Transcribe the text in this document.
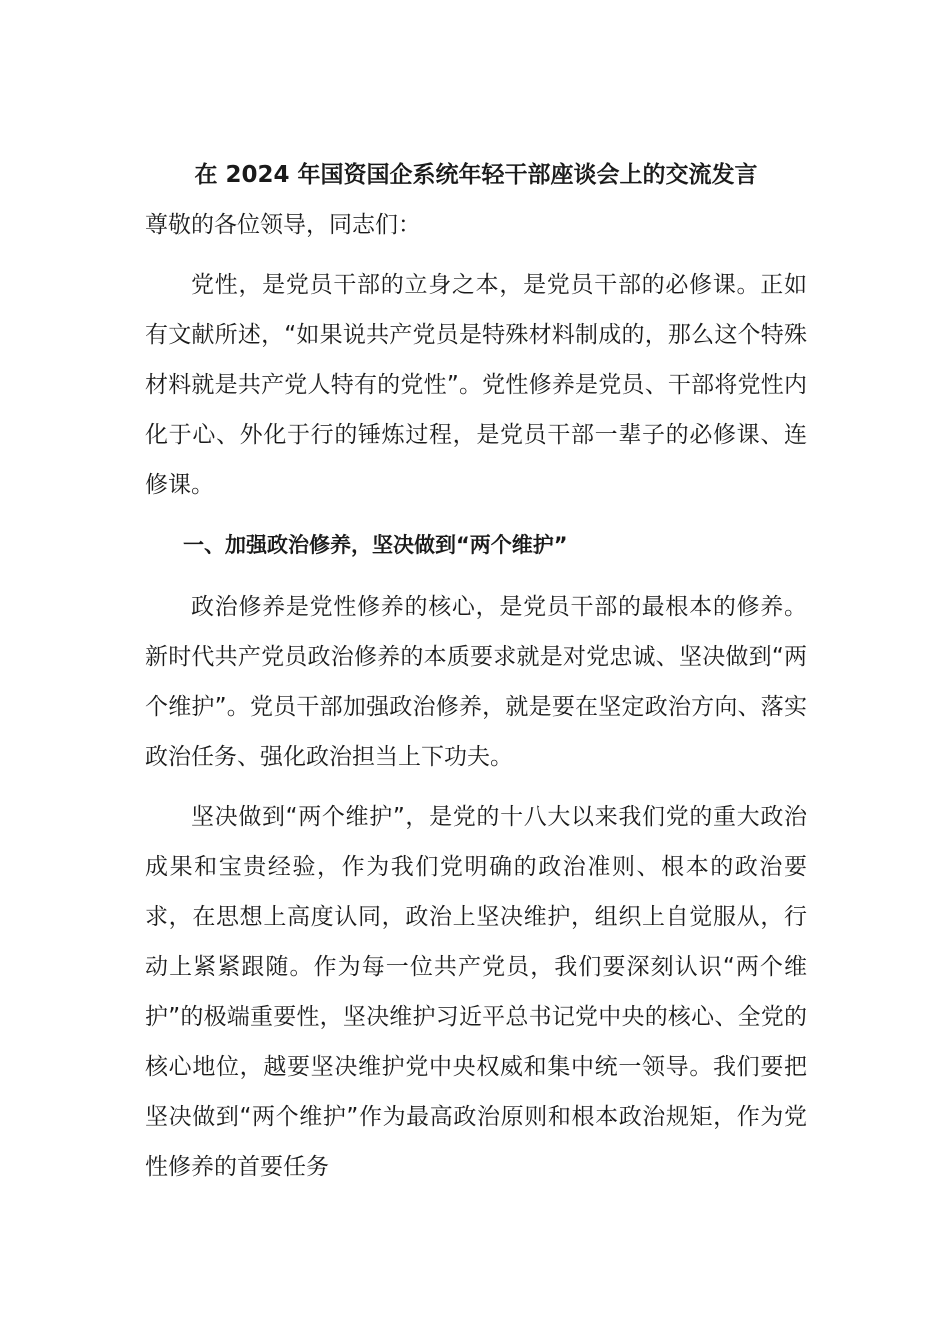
在 2024 年国资国企系统年轻干部座谈会上的交流发言

尊敬的各位领导，同志们：

党性，是党员干部的立身之本，是党员干部的必修课。正如有文献所述，“如果说共产党员是特殊材料制成的，那么这个特殊材料就是共产党人特有的党性”。党性修养是党员、干部将党性内化于心、外化于行的锤炼过程，是党员干部一辈子的必修课、连修课。

一、加强政治修养，坚决做到“两个维护”

政治修养是党性修养的核心，是党员干部的最根本的修养。新时代共产党员政治修养的本质要求就是对党忠诚、坚决做到“两个维护”。党员干部加强政治修养，就是要在坚定政治方向、落实政治任务、强化政治担当上下功夫。

坚决做到“两个维护”，是党的十八大以来我们党的重大政治成果和宝贵经验，作为我们党明确的政治准则、根本的政治要求，在思想上高度认同，政治上坚决维护，组织上自觉服从，行动上紧紧跟随。作为每一位共产党员，我们要深刻认识“两个维护”的极端重要性，坚决维护习近平总书记党中央的核心、全党的核心地位，越要坚决维护党中央权威和集中统一领导。我们要把坚决做到“两个维护”作为最高政治原则和根本政治规矩，作为党性修养的首要任务
